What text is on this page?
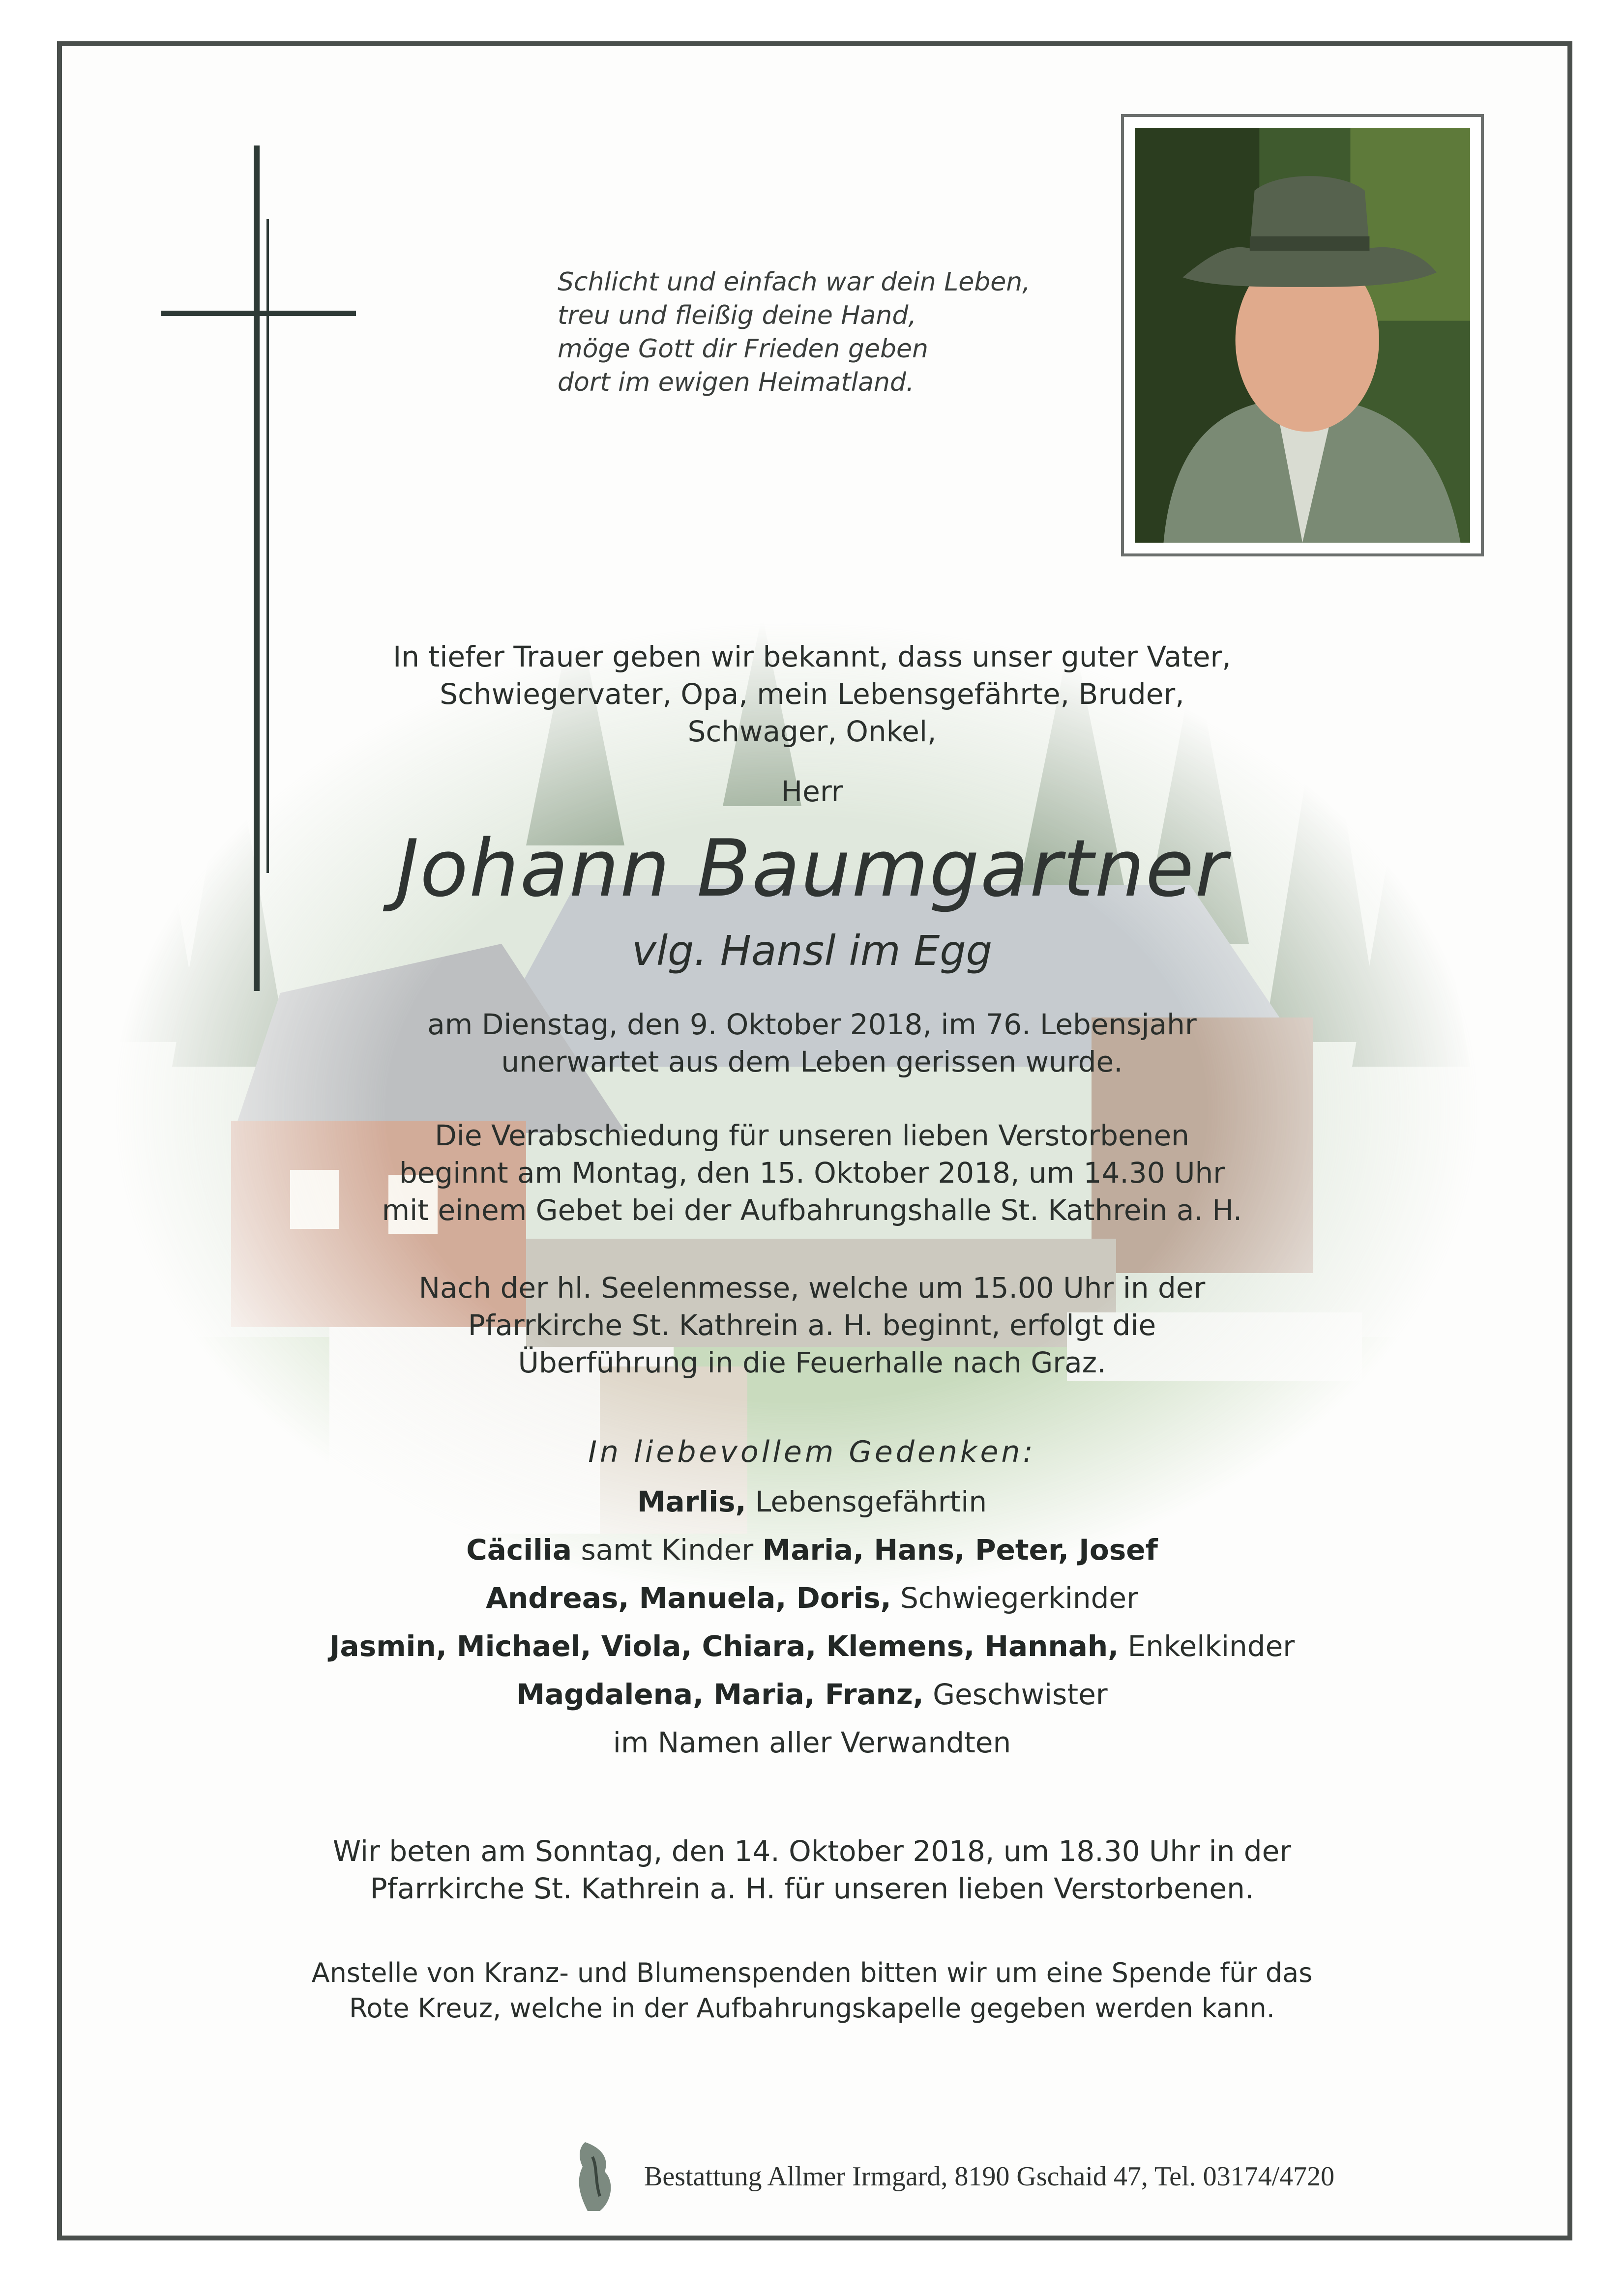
Schlicht und einfach war dein Leben,
treu und fleißig deine Hand,
möge Gott dir Frieden geben
dort im ewigen Heimatland.
In tiefer Trauer geben wir bekannt, dass unser guter Vater,
Schwiegervater, Opa, mein Lebensgefährte, Bruder,
Schwager, Onkel,
Herr
Johann Baumgartner
vlg. Hansl im Egg
am Dienstag, den 9. Oktober 2018, im 76. Lebensjahr
unerwartet aus dem Leben gerissen wurde.
Die Verabschiedung für unseren lieben Verstorbenen
beginnt am Montag, den 15. Oktober 2018, um 14.30 Uhr
mit einem Gebet bei der Aufbahrungshalle St. Kathrein a. H.
Nach der hl. Seelenmesse, welche um 15.00 Uhr in der
Pfarrkirche St. Kathrein a. H. beginnt, erfolgt die
Überführung in die Feuerhalle nach Graz.
In liebevollem Gedenken:
Marlis, Lebensgefährtin
Cäcilia samt Kinder Maria, Hans, Peter, Josef
Andreas, Manuela, Doris, Schwiegerkinder
Jasmin, Michael, Viola, Chiara, Klemens, Hannah, Enkelkinder
Magdalena, Maria, Franz, Geschwister
im Namen aller Verwandten
Wir beten am Sonntag, den 14. Oktober 2018, um 18.30 Uhr in der
Pfarrkirche St. Kathrein a. H. für unseren lieben Verstorbenen.
Anstelle von Kranz- und Blumenspenden bitten wir um eine Spende für das
Rote Kreuz, welche in der Aufbahrungskapelle gegeben werden kann.
Bestattung Allmer Irmgard, 8190 Gschaid 47, Tel. 03174/4720
